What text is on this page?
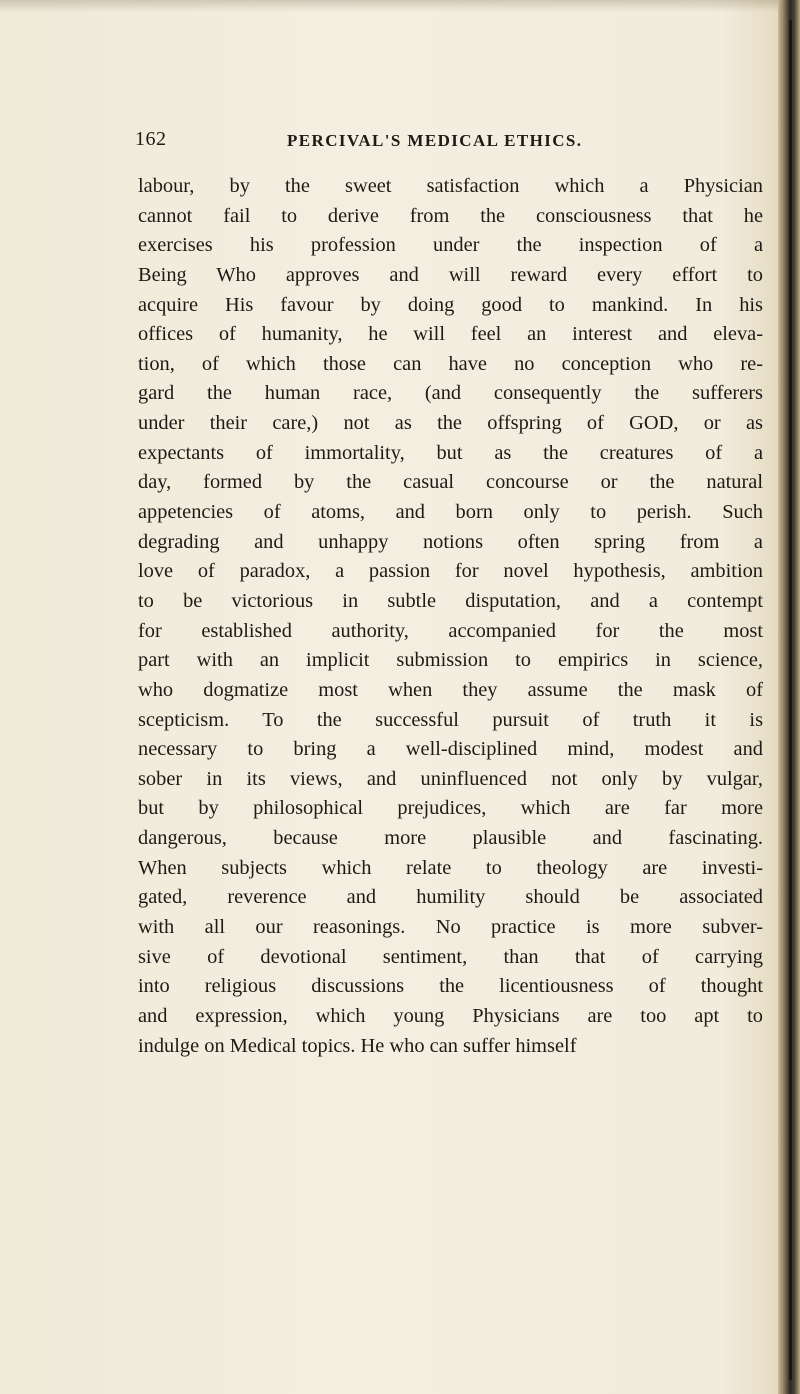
162	PERCIVAL'S MEDICAL ETHICS.
labour, by the sweet satisfaction which a Physician
cannot fail to derive from the consciousness that he
exercises his profession under the inspection of a
Being Who approves and will reward every effort to
acquire His favour by doing good to mankind. In his
offices of humanity, he will feel an interest and eleva-
tion, of which those can have no conception who re-
gard the human race, (and consequently the sufferers
under their care,) not as the offspring of GOD, or as
expectants of immortality, but as the creatures of a
day, formed by the casual concourse or the natural
appetencies of atoms, and born only to perish. Such
degrading and unhappy notions often spring from a
love of paradox, a passion for novel hypothesis, ambition
to be victorious in subtle disputation, and a contempt
for established authority, accompanied for the most
part with an implicit submission to empirics in science,
who dogmatize most when they assume the mask of
scepticism. To the successful pursuit of truth it is
necessary to bring a well-disciplined mind, modest and
sober in its views, and uninfluenced not only by vulgar,
but by philosophical prejudices, which are far more
dangerous, because more plausible and fascinating.
When subjects which relate to theology are investi-
gated, reverence and humility should be associated
with all our reasonings. No practice is more subver-
sive of devotional sentiment, than that of carrying
into religious discussions the licentiousness of thought
and expression, which young Physicians are too apt to
indulge on Medical topics. He who can suffer himself
